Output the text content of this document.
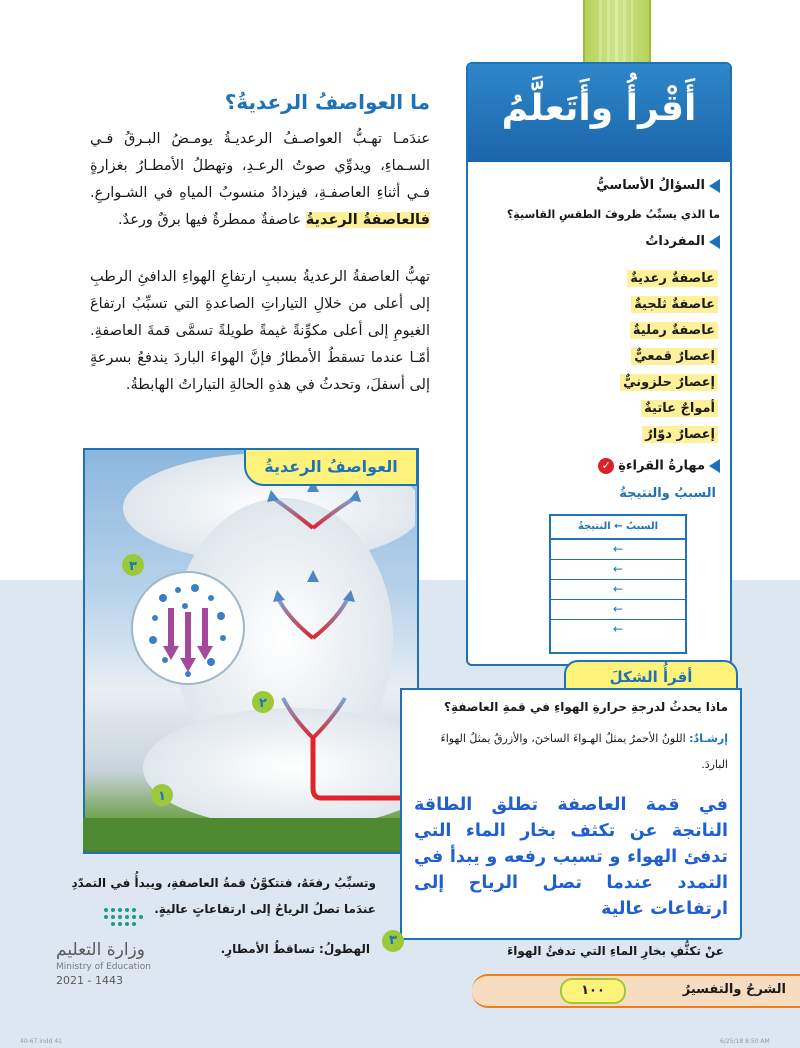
أَقْرأُ وأَتَعلَّمُ
السؤالُ الأساسيُّ
ما الذي يسبِّبُ ظروفَ الطقسِ القاسيةِ؟
المفرداتُ
عاصفةٌ رعديةٌ
عاصفةٌ ثلجيةٌ
عاصفةٌ رمليةٌ
إعصارٌ قمعيٌّ
إعصارٌ حلزونيٌّ
أمواجٌ عاتيةٌ
إعصارٌ دوّارٌ
مهارةُ القراءةِ✓
السببُ والنتيجةُ
السببُ ← النتيجةُ
←
←
←
←
←
ما العواصفُ الرعديةُ؟
عندَمـا تهـبُّ العواصـفُ الرعديـةُ يومـضُ البـرقُ فـي السـماءِ، ويدوِّي صوتُ الرعـدِ، وتهطلُ الأمطـارُ بغزارةٍ فـي أثناءِ العاصفـةِ، فيزدادُ منسوبُ المياهِ في الشـوارعِ. فالعاصفةُ الرعديةُ عاصفةٌ ممطرةٌ فيها برقٌ ورعدٌ.
تهبُّ العاصفةُ الرعديةُ بسببِ ارتفاعِ الهواءِ الدافئِ الرطبِ إلى أعلى من خلالِ التياراتِ الصاعدةِ التي تسبِّبُ ارتفاعَ الغيومِ إلى أعلى مكوِّنةً غيمةً طويلةً تسمَّى قمةَ العاصفةِ. أمّـا عندما تسقطُ الأمطارُ فإنَّ الهواءَ الباردَ يندفعُ بسرعةٍ إلى أسفلَ، وتحدثُ في هذهِ الحالةِ التياراتُ الهابطةُ.
٣
٢
١
العواصفُ الرعديةُ
أقرأُ الشكلَ
ماذا يحدثُ لدرجةِ حرارةِ الهواءِ في قمةِ العاصفةِ؟
إرشـادٌ: اللونُ الأحمرُ يمثلُ الهـواءَ الساخنَ، والأزرقُ يمثلُ الهواءَ الباردَ.
في قمة العاصفة تطلق الطاقة الناتجة عن تكثف بخار الماء التي تدفئ الهواء و تسبب رفعه و يبدأ في التمدد عندما تصل الرياح إلى ارتفاعات عالية
وتسبِّبُ رفعَهُ، فتتكوَّنُ قمةُ العاصفةِ، ويبدأُ في التمدّدِ
عندَما تصلُ الرياحُ إلى ارتفاعاتٍ عاليةٍ.
الهطولُ: تساقطُ الأمطارِ.
٣
عنْ تكثُّفِ بخارِ الماءِ التي تدفئُ الهواءَ
وزارة التعليم
Ministry of Education
2021 - 1443
الشرحُ والتفسيرُ
١٠٠
40-67.indd 41	6/25/18 8:50 AM
